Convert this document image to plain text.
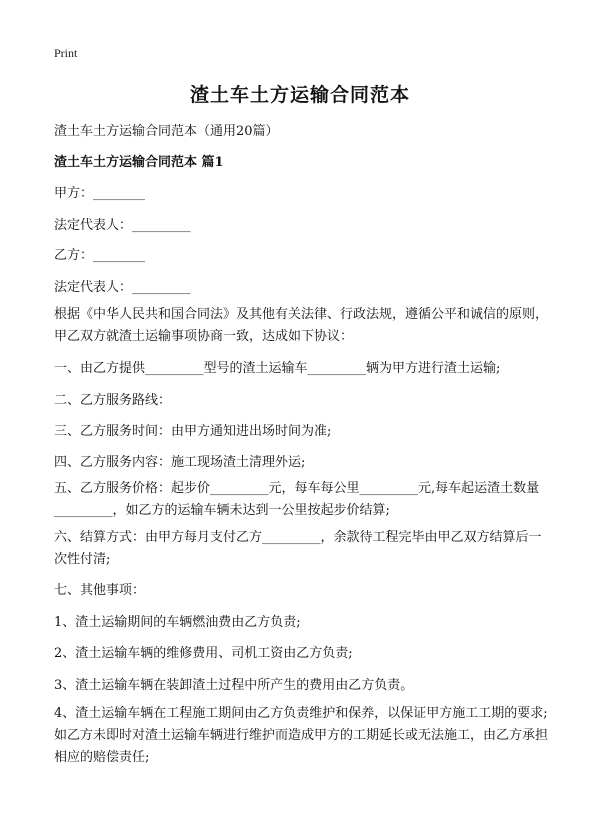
Print
渣土车土方运输合同范本
渣土车土方运输合同范本（通用20篇）
渣土车土方运输合同范本 篇1
甲方：________
法定代表人：_________
乙方：________
法定代表人：_________

根据《中华人民共和国合同法》及其他有关法律、行政法规，遵循公平和诚信的原则，甲乙双方就渣土运输事项协商一致，达成如下协议：

一、由乙方提供_________型号的渣土运输车_________辆为甲方进行渣土运输;
二、乙方服务路线：
三、乙方服务时间：由甲方通知进出场时间为准;
四、乙方服务内容：施工现场渣土清理外运;

五、乙方服务价格：起步价_________元，每车每公里_________元,每车起运渣土数量_________，如乙方的运输车辆未达到一公里按起步价结算;

六、结算方式：由甲方每月支付乙方_________，余款待工程完毕由甲乙双方结算后一次性付清;

七、其他事项：
1、渣土运输期间的车辆燃油费由乙方负责;
2、渣土运输车辆的维修费用、司机工资由乙方负责;
3、渣土运输车辆在装卸渣土过程中所产生的费用由乙方负责。

4、渣土运输车辆在工程施工期间由乙方负责维护和保养，以保证甲方施工工期的要求;如乙方未即时对渣土运输车辆进行维护而造成甲方的工期延长或无法施工，由乙方承担相应的赔偿责任;
